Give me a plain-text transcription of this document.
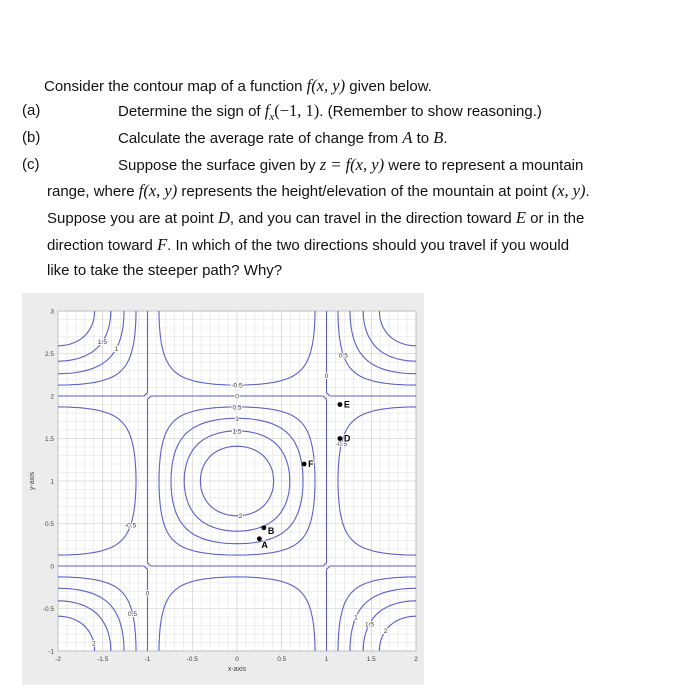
Consider the contour map of a function f(x, y) given below.
(a)	Determine the sign of $f_x(-1$, 1). (Remember to show reasoning.)
(b)	Calculate the average rate of change from A to B.
(c)	Suppose the surface given by z = f(x, y) were to represent a mountain
range, where f(x, y) represents the height/elevation of the mountain at point (x, y).
Suppose you are at point D, and you can travel in the direction toward E or in the
direction toward F. In which of the two directions should you travel if you would
like to take the steeper path? Why?
-0.5
-0.5
-0.5
0
0
0
0.5
0.5
0.5
1
1
1
1.5
1.5
1.5
2
2
2
-2	-1.5	-1	-0.5	0	0.5	1	1.5	2
-1
-0.5
0
0.5
1
1.5
2
2.5
3
x-axis
y-axis
A
B
D
E
F
